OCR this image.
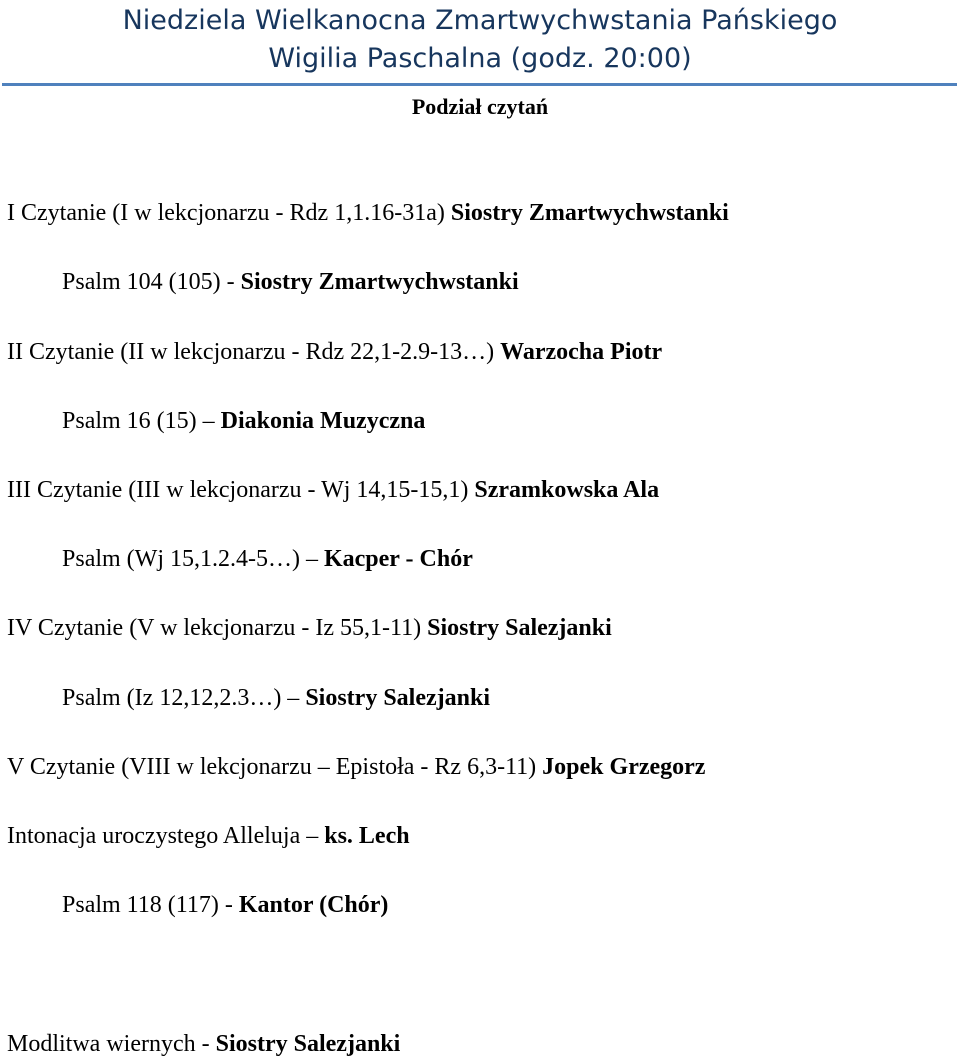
Niedziela Wielkanocna Zmartwychwstania Pańskiego
Wigilia Paschalna (godz. 20:00)
Podział czytań
I Czytanie (I w lekcjonarzu - Rdz 1,1.16-31a) Siostry Zmartwychwstanki
Psalm 104 (105) - Siostry Zmartwychwstanki
II Czytanie (II w lekcjonarzu - Rdz 22,1-2.9-13…) Warzocha Piotr
Psalm 16 (15) – Diakonia Muzyczna
III Czytanie (III w lekcjonarzu - Wj 14,15-15,1) Szramkowska Ala
Psalm (Wj 15,1.2.4-5…) – Kacper - Chór
IV Czytanie (V w lekcjonarzu - Iz 55,1-11) Siostry Salezjanki
Psalm (Iz 12,12,2.3…) – Siostry Salezjanki
V Czytanie (VIII w lekcjonarzu – Epistoła - Rz 6,3-11) Jopek Grzegorz
Intonacja uroczystego Alleluja – ks. Lech
Psalm 118 (117) - Kantor (Chór)
Modlitwa wiernych - Siostry Salezjanki
